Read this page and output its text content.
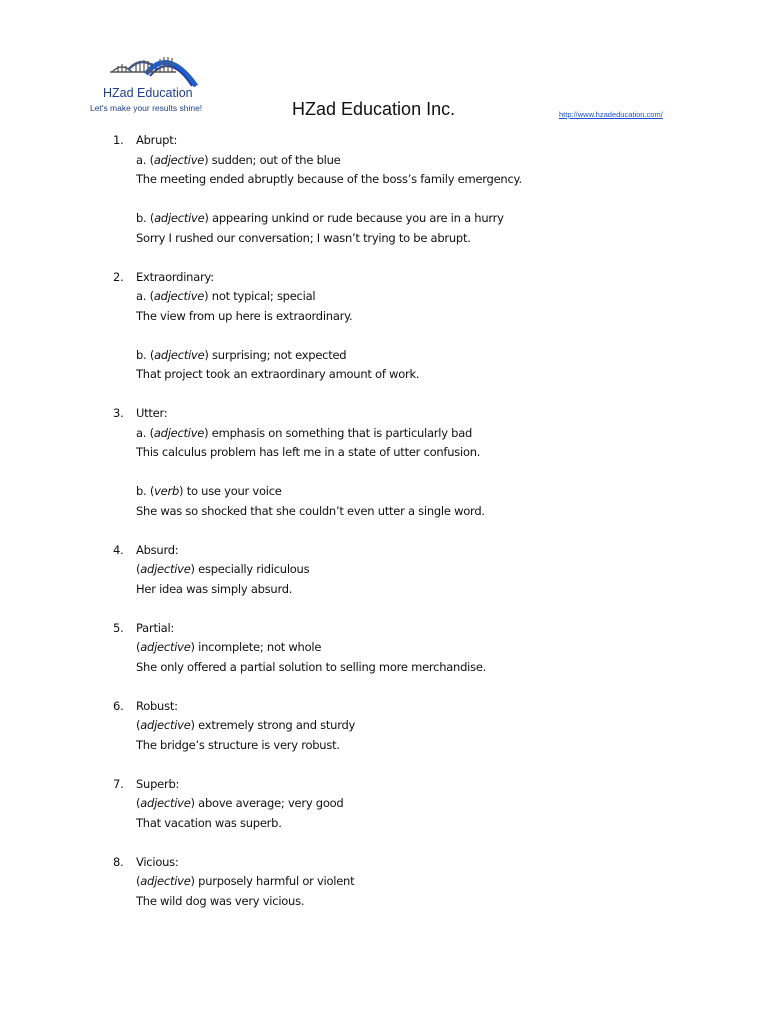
HZad Education
Let's make your results shine!	HZad Education Inc.	http://www.hzadeducation.com/
1. Abrupt:
a. (adjective) sudden; out of the blue
The meeting ended abruptly because of the boss’s family emergency.
b. (adjective) appearing unkind or rude because you are in a hurry
Sorry I rushed our conversation; I wasn’t trying to be abrupt.
2. Extraordinary:
a. (adjective) not typical; special
The view from up here is extraordinary.
b. (adjective) surprising; not expected
That project took an extraordinary amount of work.
3. Utter:
a. (adjective) emphasis on something that is particularly bad
This calculus problem has left me in a state of utter confusion.
b. (verb) to use your voice
She was so shocked that she couldn’t even utter a single word.
4. Absurd:
(adjective) especially ridiculous
Her idea was simply absurd.
5. Partial:
(adjective) incomplete; not whole
She only offered a partial solution to selling more merchandise.
6. Robust:
(adjective) extremely strong and sturdy
The bridge’s structure is very robust.
7. Superb:
(adjective) above average; very good
That vacation was superb.
8. Vicious:
(adjective) purposely harmful or violent
The wild dog was very vicious.
